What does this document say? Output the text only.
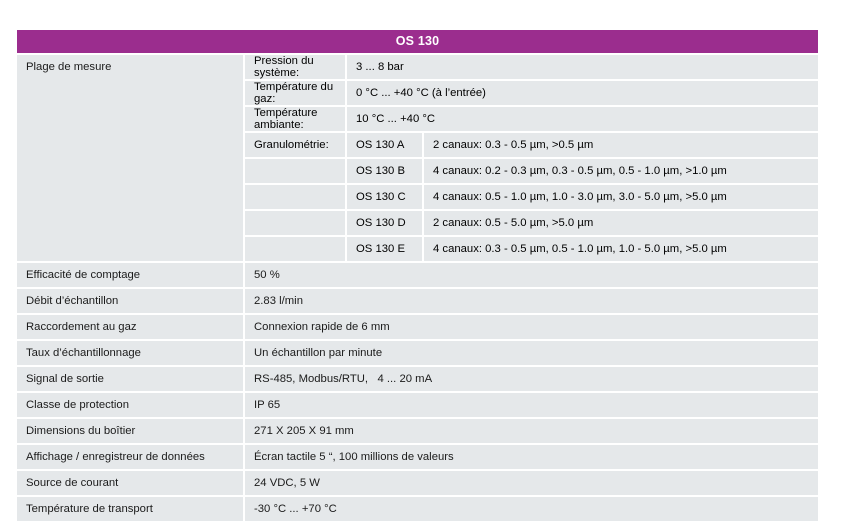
OS 130
Plage de mesure	Pression du système:	3 ... 8 bar
Température du gaz:	0 °C ... +40 °C (à l’entrée)
Température ambiante:	10 °C ... +40 °C
Granulométrie:	OS 130 A	2 canaux: 0.3 - 0.5 µm, >0.5 µm
OS 130 B	4 canaux: 0.2 - 0.3 µm, 0.3 - 0.5 µm, 0.5 - 1.0 µm, >1.0 µm
OS 130 C	4 canaux: 0.5 - 1.0 µm, 1.0 - 3.0 µm, 3.0 - 5.0 µm, >5.0 µm
OS 130 D	2 canaux: 0.5 - 5.0 µm, >5.0 µm
OS 130 E	4 canaux: 0.3 - 0.5 µm, 0.5 - 1.0 µm, 1.0 - 5.0 µm, >5.0 µm
Efficacité de comptage	50 %
Débit d’échantillon	2.83 l/min
Raccordement au gaz	Connexion rapide de 6 mm
Taux d’échantillonnage	Un échantillon par minute
Signal de sortie	RS-485, Modbus/RTU,   4 ... 20 mA
Classe de protection	IP 65
Dimensions du boîtier	271 X 205 X 91 mm
Affichage / enregistreur de données	Écran tactile 5 “, 100 millions de valeurs
Source de courant	24 VDC, 5 W
Température de transport	-30 °C ... +70 °C
